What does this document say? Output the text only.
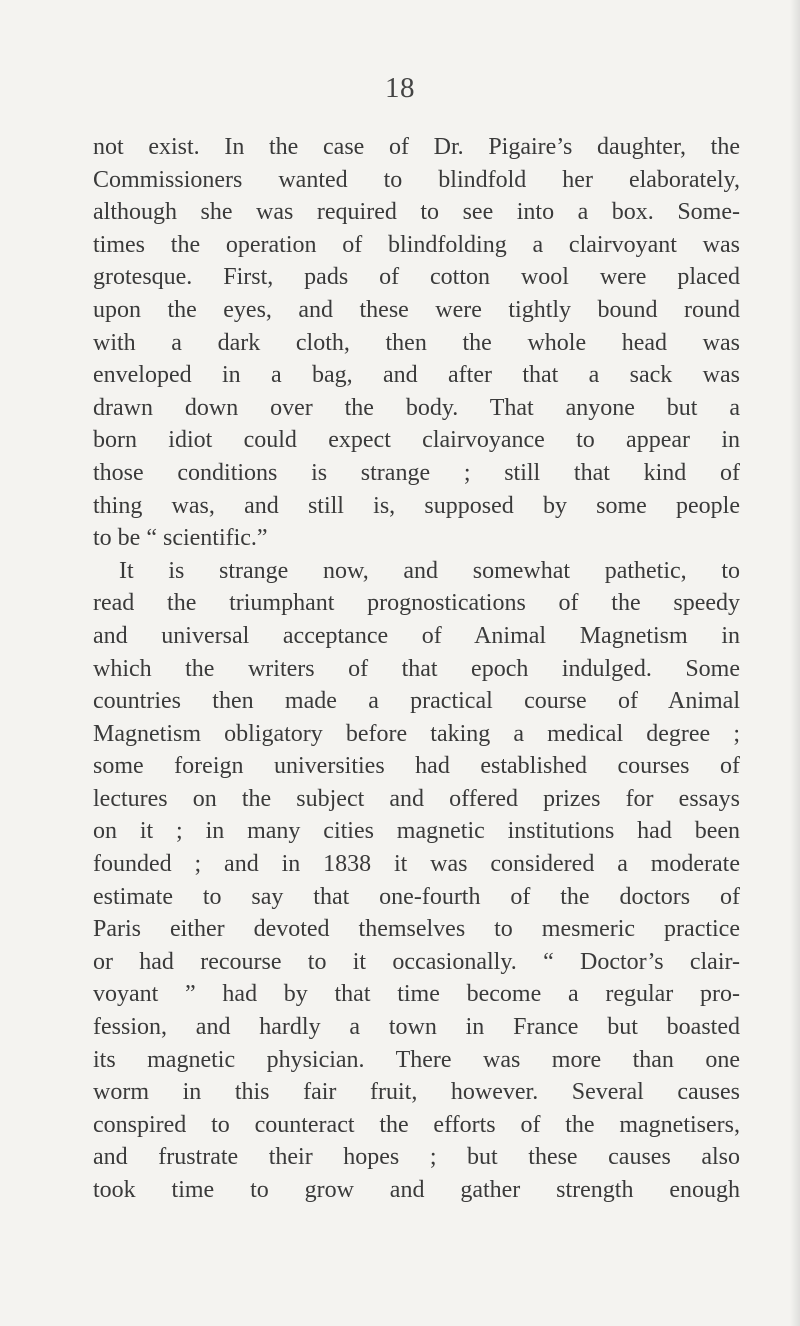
18
not exist. In the case of Dr. Pigaire’s daughter, the
Commissioners wanted to blindfold her elaborately,
although she was required to see into a box. Some-
times the operation of blindfolding a clairvoyant was
grotesque. First, pads of cotton wool were placed
upon the eyes, and these were tightly bound round
with a dark cloth, then the whole head was
enveloped in a bag, and after that a sack was
drawn down over the body. That anyone but a
born idiot could expect clairvoyance to appear in
those conditions is strange ; still that kind of
thing was, and still is, supposed by some people
to be “ scientific.”
It is strange now, and somewhat pathetic, to
read the triumphant prognostications of the speedy
and universal acceptance of Animal Magnetism in
which the writers of that epoch indulged. Some
countries then made a practical course of Animal
Magnetism obligatory before taking a medical degree ;
some foreign universities had established courses of
lectures on the subject and offered prizes for essays
on it ; in many cities magnetic institutions had been
founded ; and in 1838 it was considered a moderate
estimate to say that one-fourth of the doctors of
Paris either devoted themselves to mesmeric practice
or had recourse to it occasionally. “ Doctor’s clair-
voyant ” had by that time become a regular pro-
fession, and hardly a town in France but boasted
its magnetic physician. There was more than one
worm in this fair fruit, however. Several causes
conspired to counteract the efforts of the magnetisers,
and frustrate their hopes ; but these causes also
took time to grow and gather strength enough
